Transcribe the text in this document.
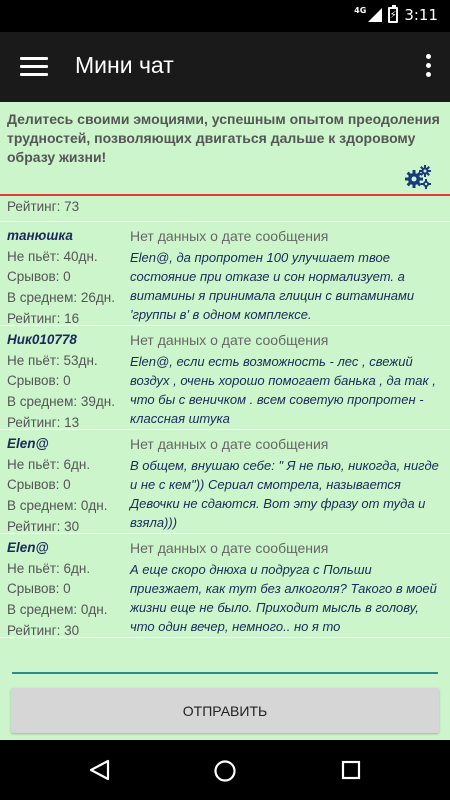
4G ⚡ 3:11
Мини чат
Делитесь своими эмоциями, успешным опытом преодоления трудностей, позволяющих двигаться дальше к здоровому образу жизни!
Рейтинг: 73
танюшка
Не пьёт: 40дн.
Срывов: 0
В среднем: 26дн.
Рейтинг: 16
Нет данных о дате сообщения
Elen@, да пропротен 100 улучшает твое состояние при отказе и сон нормализует. а витамины я принимала глицин с витаминами 'группы в' в одном комплексе.
Ник010778
Не пьёт: 53дн.
Срывов: 0
В среднем: 39дн.
Рейтинг: 13
Нет данных о дате сообщения
Elen@, если есть возможность - лес , свежий воздух , очень хорошо помогает банька , да так , что бы с веничком . всем советую пропротен - классная штука
Elen@
Не пьёт: 6дн.
Срывов: 0
В среднем: 0дн.
Рейтинг: 30
Нет данных о дате сообщения
В общем, внушаю себе: " Я не пью, никогда, нигде и не с кем")) Сериал смотрела, называется Девочки не сдаются. Вот эту фразу от туда и взяла)))
Elen@
Не пьёт: 6дн.
Срывов: 0
В среднем: 0дн.
Рейтинг: 30
Нет данных о дате сообщения
А еще скоро днюха и подруга с Польши приезжает, как тут без алкоголя? Такого в моей жизни еще не было. Приходит мысль в голову, что один вечер, немного.. но я то
ОТПРАВИТЬ
